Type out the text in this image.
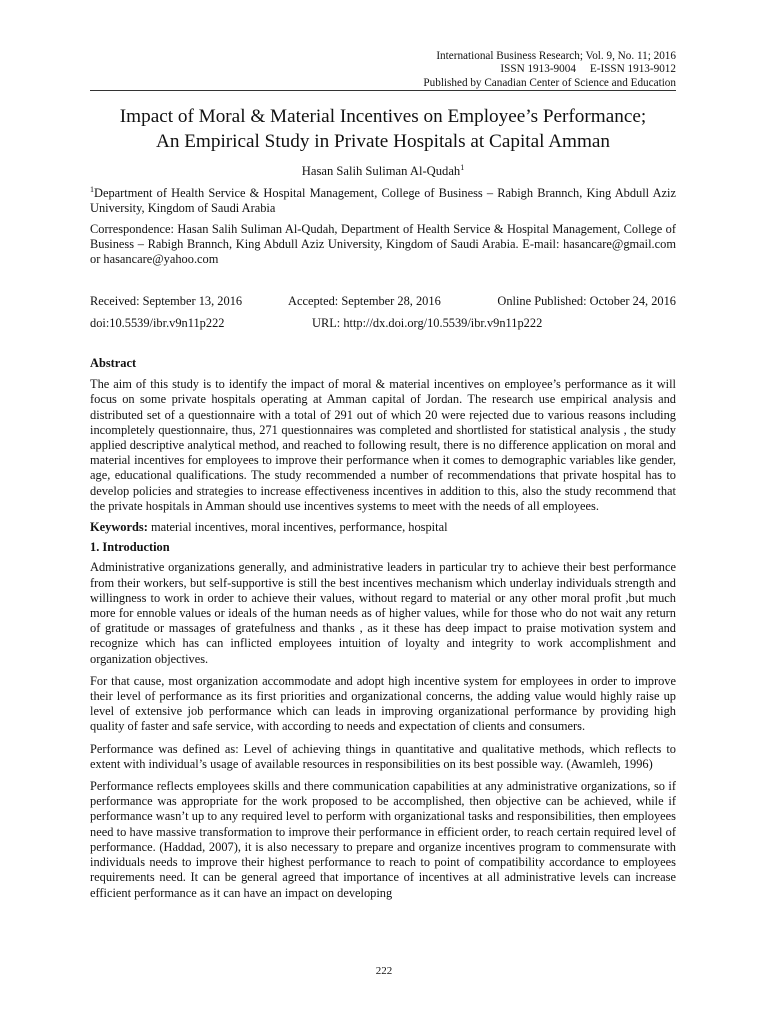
International Business Research; Vol. 9, No. 11; 2016
ISSN 1913-9004     E-ISSN 1913-9012
Published by Canadian Center of Science and Education
Impact of Moral & Material Incentives on Employee’s Performance;
An Empirical Study in Private Hospitals at Capital Amman
Hasan Salih Suliman Al-Qudah$^1$
$^1$Department of Health Service & Hospital Management, College of Business – Rabigh Brannch, King Abdull Aziz University, Kingdom of Saudi Arabia
Correspondence: Hasan Salih Suliman Al-Qudah, Department of Health Service & Hospital Management, College of Business – Rabigh Brannch, King Abdull Aziz University, Kingdom of Saudi Arabia. E-mail: hasancare@gmail.com or hasancare@yahoo.com
Received: September 13, 2016	Accepted: September 28, 2016	Online Published: October 24, 2016
doi:10.5539/ibr.v9n11p222	URL: http://dx.doi.org/10.5539/ibr.v9n11p222
Abstract
The aim of this study is to identify the impact of moral & material incentives on employee’s performance as it will focus on some private hospitals operating at Amman capital of Jordan. The research use empirical analysis and distributed set of a questionnaire with a total of 291 out of which 20 were rejected due to various reasons including incompletely questionnaire, thus, 271 questionnaires was completed and shortlisted for statistical analysis , the study applied descriptive analytical method, and reached to following result, there is no difference application on moral and material incentives for employees to improve their performance when it comes to demographic variables like gender, age, educational qualifications. The study recommended a number of recommendations that private hospital has to develop policies and strategies to increase effectiveness incentives in addition to this, also the study recommend that the private hospitals in Amman should use incentives systems to meet with the needs of all employees.
Keywords: material incentives, moral incentives, performance, hospital
1. Introduction
Administrative organizations generally, and administrative leaders in particular try to achieve their best performance from their workers, but self-supportive is still the best incentives mechanism which underlay individuals strength and willingness to work in order to achieve their values, without regard to material or any other moral profit ,but much more for ennoble values or ideals of the human needs as of higher values, while for those who do not wait any return of gratitude or massages of gratefulness and thanks , as it these has deep impact to praise motivation system and recognize which has can inflicted employees intuition of loyalty and integrity to work accomplishment and organization objectives.
For that cause, most organization accommodate and adopt high incentive system for employees in order to improve their level of performance as its first priorities and organizational concerns, the adding value would highly raise up level of extensive job performance which can leads in improving organizational performance by providing high quality of faster and safe service, with according to needs and expectation of clients and consumers.
Performance was defined as: Level of achieving things in quantitative and qualitative methods, which reflects to extent with individual’s usage of available resources in responsibilities on its best possible way. (Awamleh, 1996)
Performance reflects employees skills and there communication capabilities at any administrative organizations, so if performance was appropriate for the work proposed to be accomplished, then objective can be achieved, while if performance wasn’t up to any required level to perform with organizational tasks and responsibilities, then employees need to have massive transformation to improve their performance in efficient order, to reach certain required level of performance. (Haddad, 2007), it is also necessary to prepare and organize incentives program to commensurate with individuals needs to improve their highest performance to reach to point of compatibility accordance to employees requirements need. It can be general agreed that importance of incentives at all administrative levels can increase efficient performance as it can have an impact on developing
222
